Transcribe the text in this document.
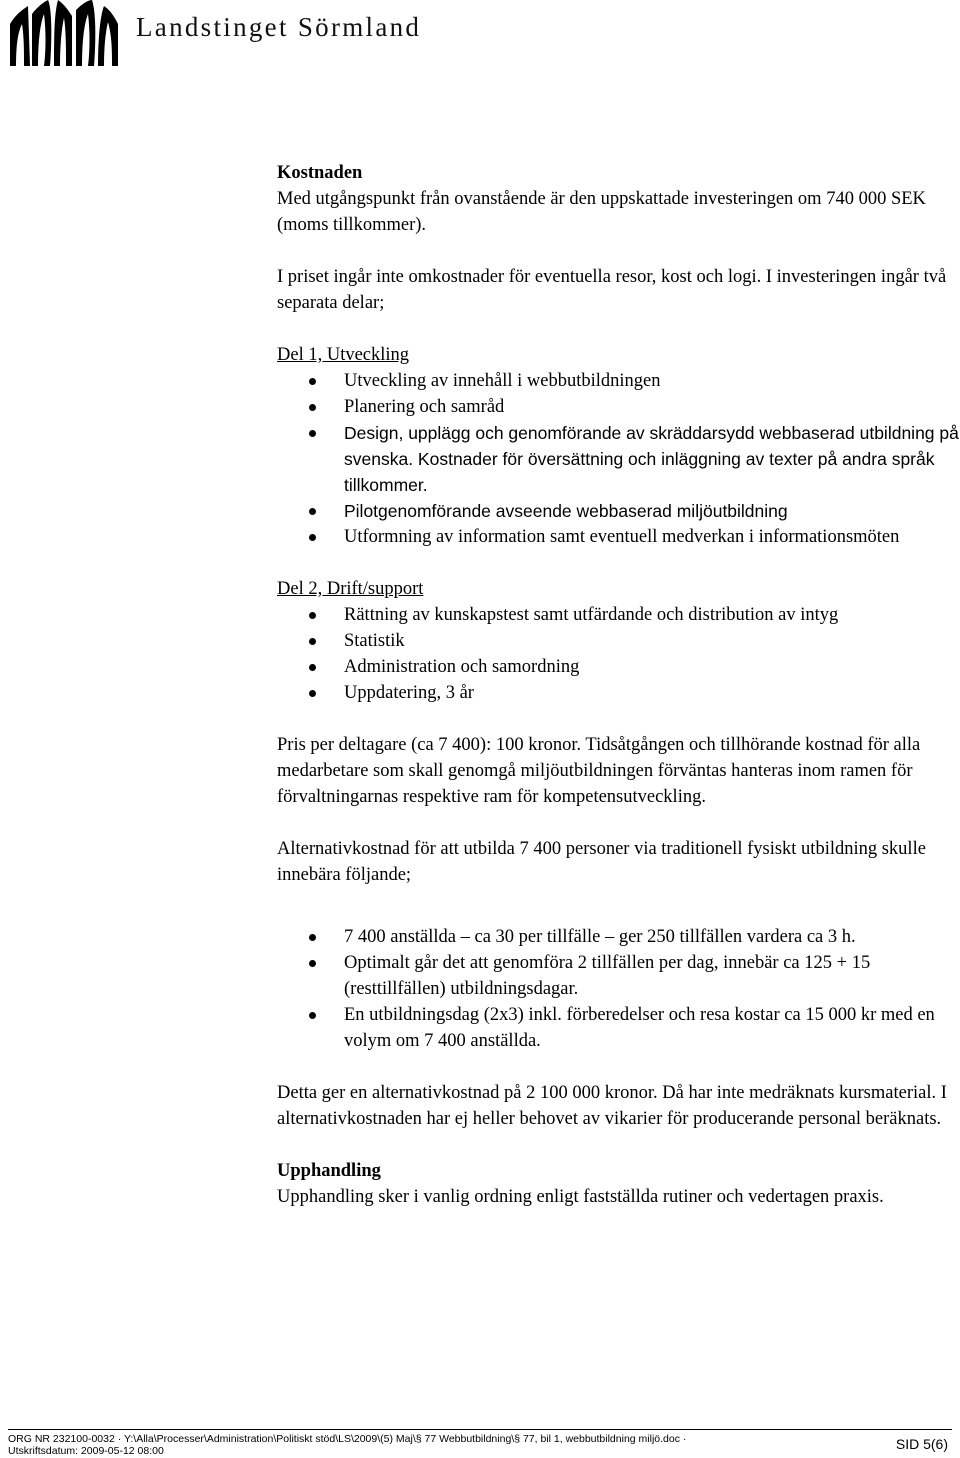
Landstinget Sörmland

Kostnaden

Med utgångspunkt från ovanstående är den uppskattade investeringen om 740 000 SEK (moms tillkommer).

I priset ingår inte omkostnader för eventuella resor, kost och logi. I investeringen ingår två separata delar;

Del 1, Utveckling

Utveckling av innehåll i webbutbildningen
Planering och samråd
Design, upplägg och genomförande av skräddarsydd webbaserad utbildning på svenska. Kostnader för översättning och inläggning av texter på andra språk tillkommer.
Pilotgenomförande avseende webbaserad miljöutbildning
Utformning av information samt eventuell medverkan i informationsmöten

Del 2, Drift/support

Rättning av kunskapstest samt utfärdande och distribution av intyg
Statistik
Administration och samordning
Uppdatering, 3 år

Pris per deltagare (ca 7 400): 100 kronor. Tidsåtgången och tillhörande kostnad för alla medarbetare som skall genomgå miljöutbildningen förväntas hanteras inom ramen för förvaltningarnas respektive ram för kompetensutveckling.

Alternativkostnad för att utbilda 7 400 personer via traditionell fysiskt utbildning skulle innebära följande;

7 400 anställda – ca 30 per tillfälle – ger 250 tillfällen vardera ca 3 h.
Optimalt går det att genomföra 2 tillfällen per dag, innebär ca 125 + 15 (resttillfällen) utbildningsdagar.
En utbildningsdag (2x3) inkl. förberedelser och resa kostar ca 15 000 kr med en volym om 7 400 anställda.

Detta ger en alternativkostnad på 2 100 000 kronor. Då har inte medräknats kursmaterial. I alternativkostnaden har ej heller behovet av vikarier för producerande personal beräknats.

Upphandling

Upphandling sker i vanlig ordning enligt fastställda rutiner och vedertagen praxis.

ORG NR 232100-0032 · Y:\Alla\Processer\Administration\Politiskt stöd\LS\2009\(5) Maj\§ 77 Webbutbildning\§ 77, bil 1, webbutbildning miljö.doc · Utskriftsdatum: 2009-05-12 08:00	SID 5(6)
